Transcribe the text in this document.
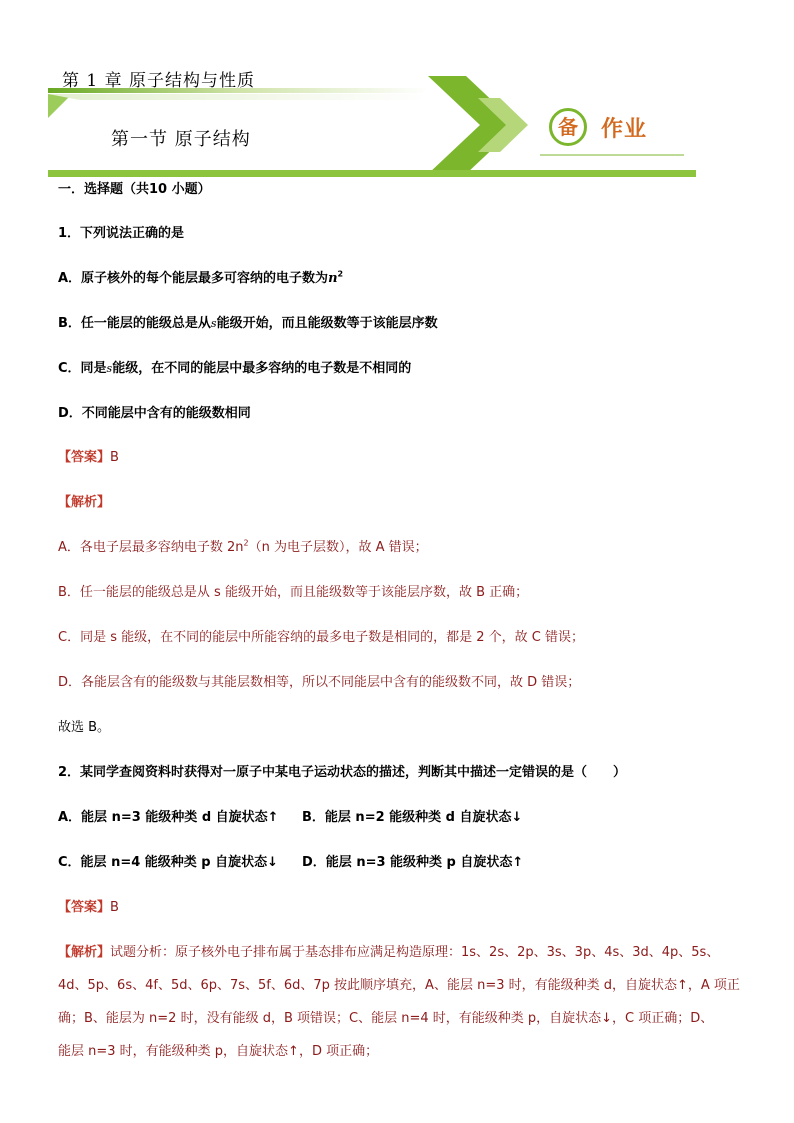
第 1 章 原子结构与性质
第一节 原子结构
备	作业
一．选择题（共10 小题）
1．下列说法正确的是
A．原子核外的每个能层最多可容纳的电子数为$n^2$
B．任一能层的能级总是从s能级开始，而且能级数等于该能层序数
C．同是s能级，在不同的能层中最多容纳的电子数是不相同的
D．不同能层中含有的能级数相同
【答案】B
【解析】
A．各电子层最多容纳电子数 $2n^2(n$ 为电子层数），故 A 错误；
B．任一能层的能级总是从 s 能级开始，而且能级数等于该能层序数，故 B 正确；
C．同是 s 能级，在不同的能层中所能容纳的最多电子数是相同的，都是 2 个，故 C 错误；
D．各能层含有的能级数与其能层数相等，所以不同能层中含有的能级数不同，故 D 错误；
故选 B。
2．某同学查阅资料时获得对一原子中某电子运动状态的描述，判断其中描述一定错误的是（　　）
A．能层 n=3 能级种类 d 自旋状态↑ B．能层 n=2 能级种类 d 自旋状态↓
C．能层 n=4 能级种类 p 自旋状态↓ D．能层 n=3 能级种类 p 自旋状态↑
【答案】B
【解析】试题分析：原子核外电子排布属于基态排布应满足构造原理：1s、2s、2p、3s、3p、4s、3d、4p、5s、
4d、5p、6s、4f、5d、6p、7s、5f、6d、7p 按此顺序填充，A、能层 n=3 时，有能级种类 d，自旋状态↑，A 项正
确；B、能层为 n=2 时，没有能级 d，B 项错误；C、能层 n=4 时，有能级种类 p，自旋状态↓，C 项正确；D、
能层 n=3 时，有能级种类 p，自旋状态↑，D 项正确；
